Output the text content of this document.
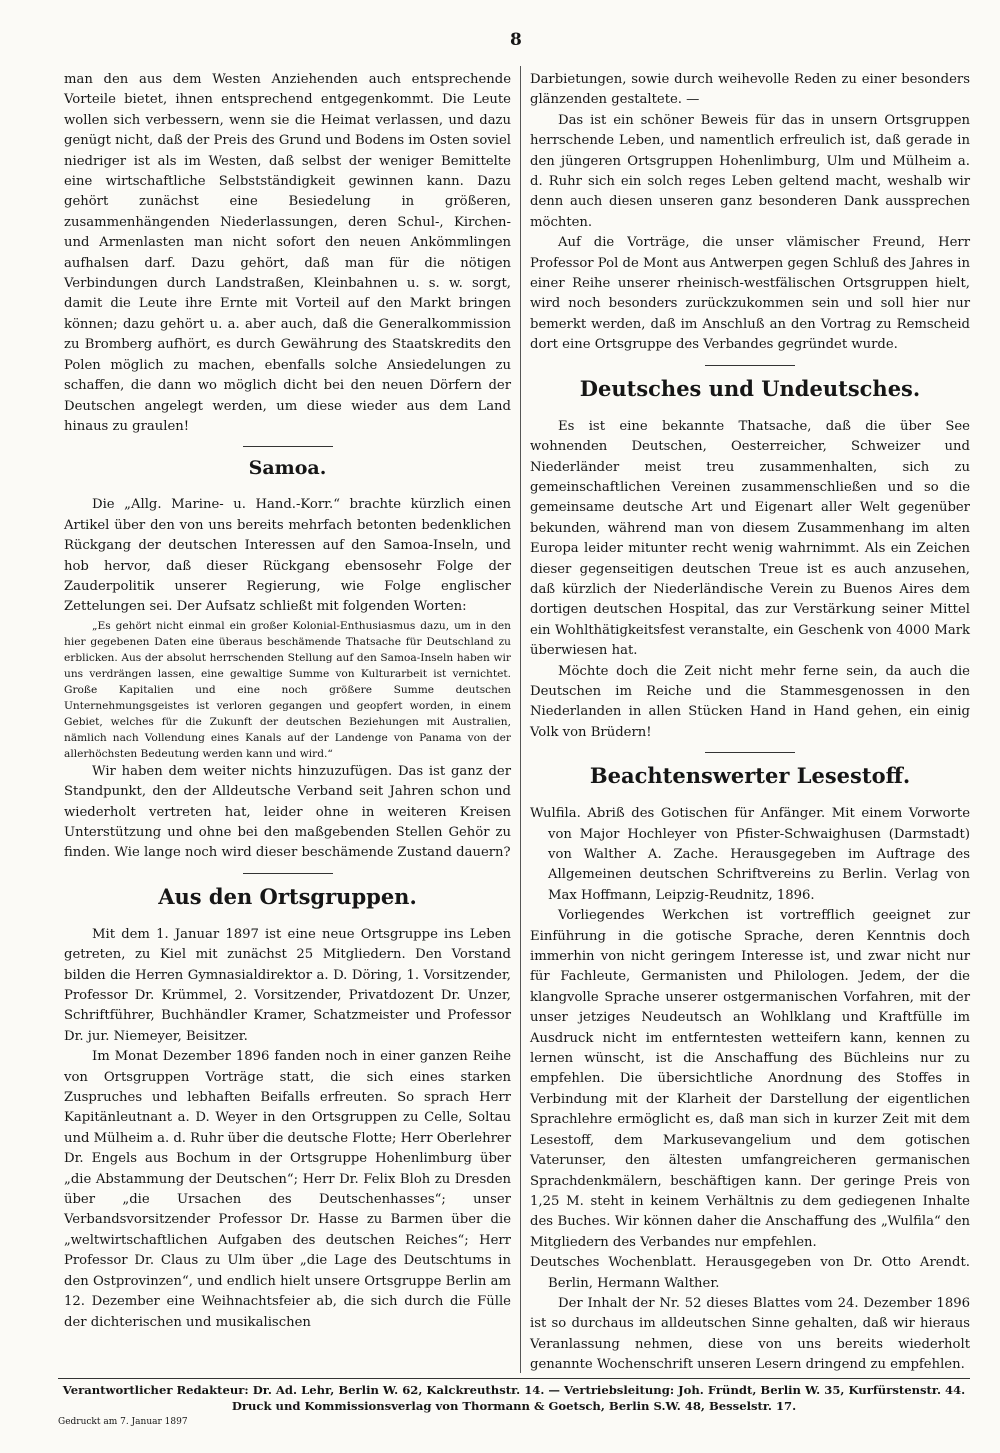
8

man den aus dem Westen Anziehenden auch entsprechende Vorteile bietet, ihnen entsprechend entgegenkommt. Die Leute wollen sich verbessern, wenn sie die Heimat verlassen, und dazu genügt nicht, daß der Preis des Grund und Bodens im Osten soviel niedriger ist als im Westen, daß selbst der weniger Bemittelte eine wirtschaftliche Selbstständigkeit gewinnen kann. Dazu gehört zunächst eine Besiedelung in größeren, zusammenhängenden Niederlassungen, deren Schul-, Kirchen- und Armenlasten man nicht sofort den neuen Ankömmlingen aufhalsen darf. Dazu gehört, daß man für die nötigen Verbindungen durch Landstraßen, Kleinbahnen u. s. w. sorgt, damit die Leute ihre Ernte mit Vorteil auf den Markt bringen können; dazu gehört u. a. aber auch, daß die Generalkommission zu Bromberg aufhört, es durch Gewährung des Staatskredits den Polen möglich zu machen, ebenfalls solche Ansiedelungen zu schaffen, die dann wo möglich dicht bei den neuen Dörfern der Deutschen angelegt werden, um diese wieder aus dem Land hinaus zu graulen!

Samoa.

Die „Allg. Marine- u. Hand.-Korr.“ brachte kürzlich einen Artikel über den von uns bereits mehrfach betonten bedenklichen Rückgang der deutschen Interessen auf den Samoa-Inseln, und hob hervor, daß dieser Rückgang ebensosehr Folge der Zauderpolitik unserer Regierung, wie Folge englischer Zettelungen sei. Der Aufsatz schließt mit folgenden Worten:

„Es gehört nicht einmal ein großer Kolonial-Enthusiasmus dazu, um in den hier gegebenen Daten eine überaus beschämende Thatsache für Deutschland zu erblicken. Aus der absolut herrschenden Stellung auf den Samoa-Inseln haben wir uns verdrängen lassen, eine gewaltige Summe von Kulturarbeit ist vernichtet. Große Kapitalien und eine noch größere Summe deutschen Unternehmungsgeistes ist verloren gegangen und geopfert worden, in einem Gebiet, welches für die Zukunft der deutschen Beziehungen mit Australien, nämlich nach Vollendung eines Kanals auf der Landenge von Panama von der allerhöchsten Bedeutung werden kann und wird.“

Wir haben dem weiter nichts hinzuzufügen. Das ist ganz der Standpunkt, den der Alldeutsche Verband seit Jahren schon und wiederholt vertreten hat, leider ohne in weiteren Kreisen Unterstützung und ohne bei den maßgebenden Stellen Gehör zu finden. Wie lange noch wird dieser beschämende Zustand dauern?

Aus den Ortsgruppen.

Mit dem 1. Januar 1897 ist eine neue Ortsgruppe ins Leben getreten, zu Kiel mit zunächst 25 Mitgliedern. Den Vorstand bilden die Herren Gymnasialdirektor a. D. Döring, 1. Vorsitzender, Professor Dr. Krümmel, 2. Vorsitzender, Privatdozent Dr. Unzer, Schriftführer, Buchhändler Kramer, Schatzmeister und Professor Dr. jur. Niemeyer, Beisitzer.

Im Monat Dezember 1896 fanden noch in einer ganzen Reihe von Ortsgruppen Vorträge statt, die sich eines starken Zuspruches und lebhaften Beifalls erfreuten. So sprach Herr Kapitänleutnant a. D. Weyer in den Ortsgruppen zu Celle, Soltau und Mülheim a. d. Ruhr über die deutsche Flotte; Herr Oberlehrer Dr. Engels aus Bochum in der Ortsgruppe Hohenlimburg über „die Abstammung der Deutschen“; Herr Dr. Felix Bloh zu Dresden über „die Ursachen des Deutschenhasses“; unser Verbandsvorsitzender Professor Dr. Hasse zu Barmen über die „weltwirtschaftlichen Aufgaben des deutschen Reiches“; Herr Professor Dr. Claus zu Ulm über „die Lage des Deutschtums in den Ostprovinzen“, und endlich hielt unsere Ortsgruppe Berlin am 12. Dezember eine Weihnachtsfeier ab, die sich durch die Fülle der dichterischen und musikalischen

Darbietungen, sowie durch weihevolle Reden zu einer besonders glänzenden gestaltete. —

Das ist ein schöner Beweis für das in unsern Ortsgruppen herrschende Leben, und namentlich erfreulich ist, daß gerade in den jüngeren Ortsgruppen Hohenlimburg, Ulm und Mülheim a. d. Ruhr sich ein solch reges Leben geltend macht, weshalb wir denn auch diesen unseren ganz besonderen Dank aussprechen möchten.

Auf die Vorträge, die unser vlämischer Freund, Herr Professor Pol de Mont aus Antwerpen gegen Schluß des Jahres in einer Reihe unserer rheinisch-westfälischen Ortsgruppen hielt, wird noch besonders zurückzukommen sein und soll hier nur bemerkt werden, daß im Anschluß an den Vortrag zu Remscheid dort eine Ortsgruppe des Verbandes gegründet wurde.

Deutsches und Undeutsches.

Es ist eine bekannte Thatsache, daß die über See wohnenden Deutschen, Oesterreicher, Schweizer und Niederländer meist treu zusammenhalten, sich zu gemeinschaftlichen Vereinen zusammenschließen und so die gemeinsame deutsche Art und Eigenart aller Welt gegenüber bekunden, während man von diesem Zusammenhang im alten Europa leider mitunter recht wenig wahrnimmt. Als ein Zeichen dieser gegenseitigen deutschen Treue ist es auch anzusehen, daß kürzlich der Niederländische Verein zu Buenos Aires dem dortigen deutschen Hospital, das zur Verstärkung seiner Mittel ein Wohlthätigkeitsfest veranstalte, ein Geschenk von 4000 Mark überwiesen hat.

Möchte doch die Zeit nicht mehr ferne sein, da auch die Deutschen im Reiche und die Stammesgenossen in den Niederlanden in allen Stücken Hand in Hand gehen, ein einig Volk von Brüdern!

Beachtenswerter Lesestoff.

Wulfila. Abriß des Gotischen für Anfänger. Mit einem Vorworte von Major Hochleyer von Pfister-Schwaighusen (Darmstadt) von Walther A. Zache. Herausgegeben im Auftrage des Allgemeinen deutschen Schriftvereins zu Berlin. Verlag von Max Hoffmann, Leipzig-Reudnitz, 1896.

Vorliegendes Werkchen ist vortrefflich geeignet zur Einführung in die gotische Sprache, deren Kenntnis doch immerhin von nicht geringem Interesse ist, und zwar nicht nur für Fachleute, Germanisten und Philologen. Jedem, der die klangvolle Sprache unserer ostgermanischen Vorfahren, mit der unser jetziges Neudeutsch an Wohlklang und Kraftfülle im Ausdruck nicht im entferntesten wetteifern kann, kennen zu lernen wünscht, ist die Anschaffung des Büchleins nur zu empfehlen. Die übersichtliche Anordnung des Stoffes in Verbindung mit der Klarheit der Darstellung der eigentlichen Sprachlehre ermöglicht es, daß man sich in kurzer Zeit mit dem Lesestoff, dem Markusevangelium und dem gotischen Vaterunser, den ältesten umfangreicheren germanischen Sprachdenkmälern, beschäftigen kann. Der geringe Preis von 1,25 M. steht in keinem Verhältnis zu dem gediegenen Inhalte des Buches. Wir können daher die Anschaffung des „Wulfila“ den Mitgliedern des Verbandes nur empfehlen.

Deutsches Wochenblatt. Herausgegeben von Dr. Otto Arendt. Berlin, Hermann Walther.

Der Inhalt der Nr. 52 dieses Blattes vom 24. Dezember 1896 ist so durchaus im alldeutschen Sinne gehalten, daß wir hieraus Veranlassung nehmen, diese von uns bereits wiederholt genannte Wochenschrift unseren Lesern dringend zu empfehlen.

Verantwortlicher Redakteur: Dr. Ad. Lehr, Berlin W. 62, Kalckreuthstr. 14. — Vertriebsleitung: Joh. Fründt, Berlin W. 35, Kurfürstenstr. 44.
Druck und Kommissionsverlag von Thormann & Goetsch, Berlin S.W. 48, Besselstr. 17.
Gedruckt am 7. Januar 1897
